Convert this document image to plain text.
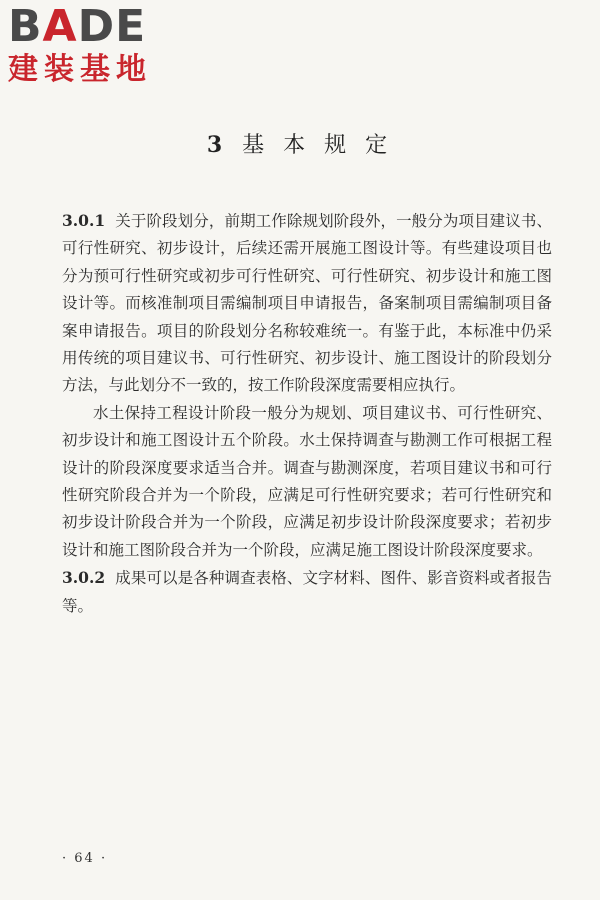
BADE
建装基地
3 基 本 规 定

3.0.1 关于阶段划分，前期工作除规划阶段外，一般分为项目建议书、可行性研究、初步设计，后续还需开展施工图设计等。有些建设项目也分为预可行性研究或初步可行性研究、可行性研究、初步设计和施工图设计等。而核准制项目需编制项目申请报告，备案制项目需编制项目备案申请报告。项目的阶段划分名称较难统一。有鉴于此，本标准中仍采用传统的项目建议书、可行性研究、初步设计、施工图设计的阶段划分方法，与此划分不一致的，按工作阶段深度需要相应执行。

水土保持工程设计阶段一般分为规划、项目建议书、可行性研究、初步设计和施工图设计五个阶段。水土保持调查与勘测工作可根据工程设计的阶段深度要求适当合并。调查与勘测深度，若项目建议书和可行性研究阶段合并为一个阶段，应满足可行性研究要求；若可行性研究和初步设计阶段合并为一个阶段，应满足初步设计阶段深度要求；若初步设计和施工图阶段合并为一个阶段，应满足施工图设计阶段深度要求。

3.0.2 成果可以是各种调查表格、文字材料、图件、影音资料或者报告等。

· 64 ·
